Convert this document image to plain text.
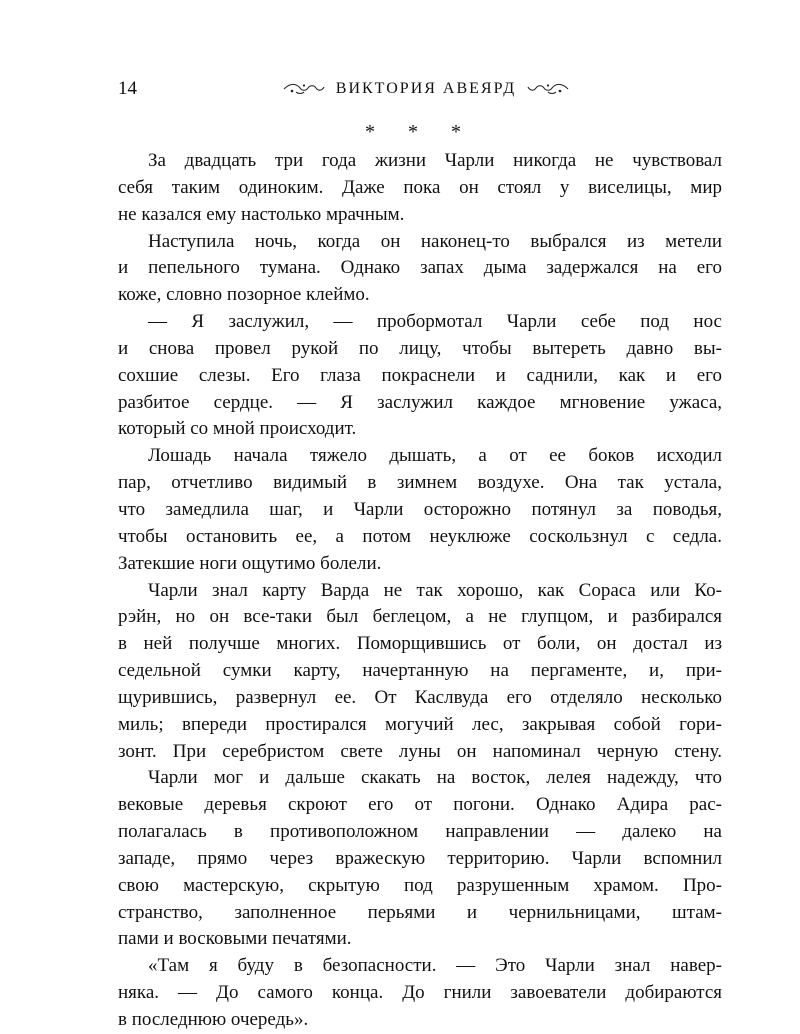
14	ВИКТОРИЯ АВЕЯРД
* * *

За двадцать три года жизни Чарли никогда не чувствовал
себя таким одиноким. Даже пока он стоял у виселицы, мир
не казался ему настолько мрачным.

Наступила ночь, когда он наконец-то выбрался из метели
и пепельного тумана. Однако запах дыма задержался на его
коже, словно позорное клеймо.

— Я заслужил, — пробормотал Чарли себе под нос
и снова провел рукой по лицу, чтобы вытереть давно вы-
сохшие слезы. Его глаза покраснели и саднили, как и его
разбитое сердце. — Я заслужил каждое мгновение ужаса,
который со мной происходит.

Лошадь начала тяжело дышать, а от ее боков исходил
пар, отчетливо видимый в зимнем воздухе. Она так устала,
что замедлила шаг, и Чарли осторожно потянул за поводья,
чтобы остановить ее, а потом неуклюже соскользнул с седла.
Затекшие ноги ощутимо болели.

Чарли знал карту Варда не так хорошо, как Сораса или Ко-
рэйн, но он все-таки был беглецом, а не глупцом, и разбирался
в ней получше многих. Поморщившись от боли, он достал из
седельной сумки карту, начертанную на пергаменте, и, при-
щурившись, развернул ее. От Каслвуда его отделяло несколько
миль; впереди простирался могучий лес, закрывая собой гори-
зонт. При серебристом свете луны он напоминал черную стену.

Чарли мог и дальше скакать на восток, лелея надежду, что
вековые деревья скроют его от погони. Однако Адира рас-
полагалась в противоположном направлении — далеко на
западе, прямо через вражескую территорию. Чарли вспомнил
свою мастерскую, скрытую под разрушенным храмом. Про-
странство, заполненное перьями и чернильницами, штам-
пами и восковыми печатями.

«Там я буду в безопасности. — Это Чарли знал навер-
няка. — До самого конца. До гнили завоеватели добираются
в последнюю очередь».
